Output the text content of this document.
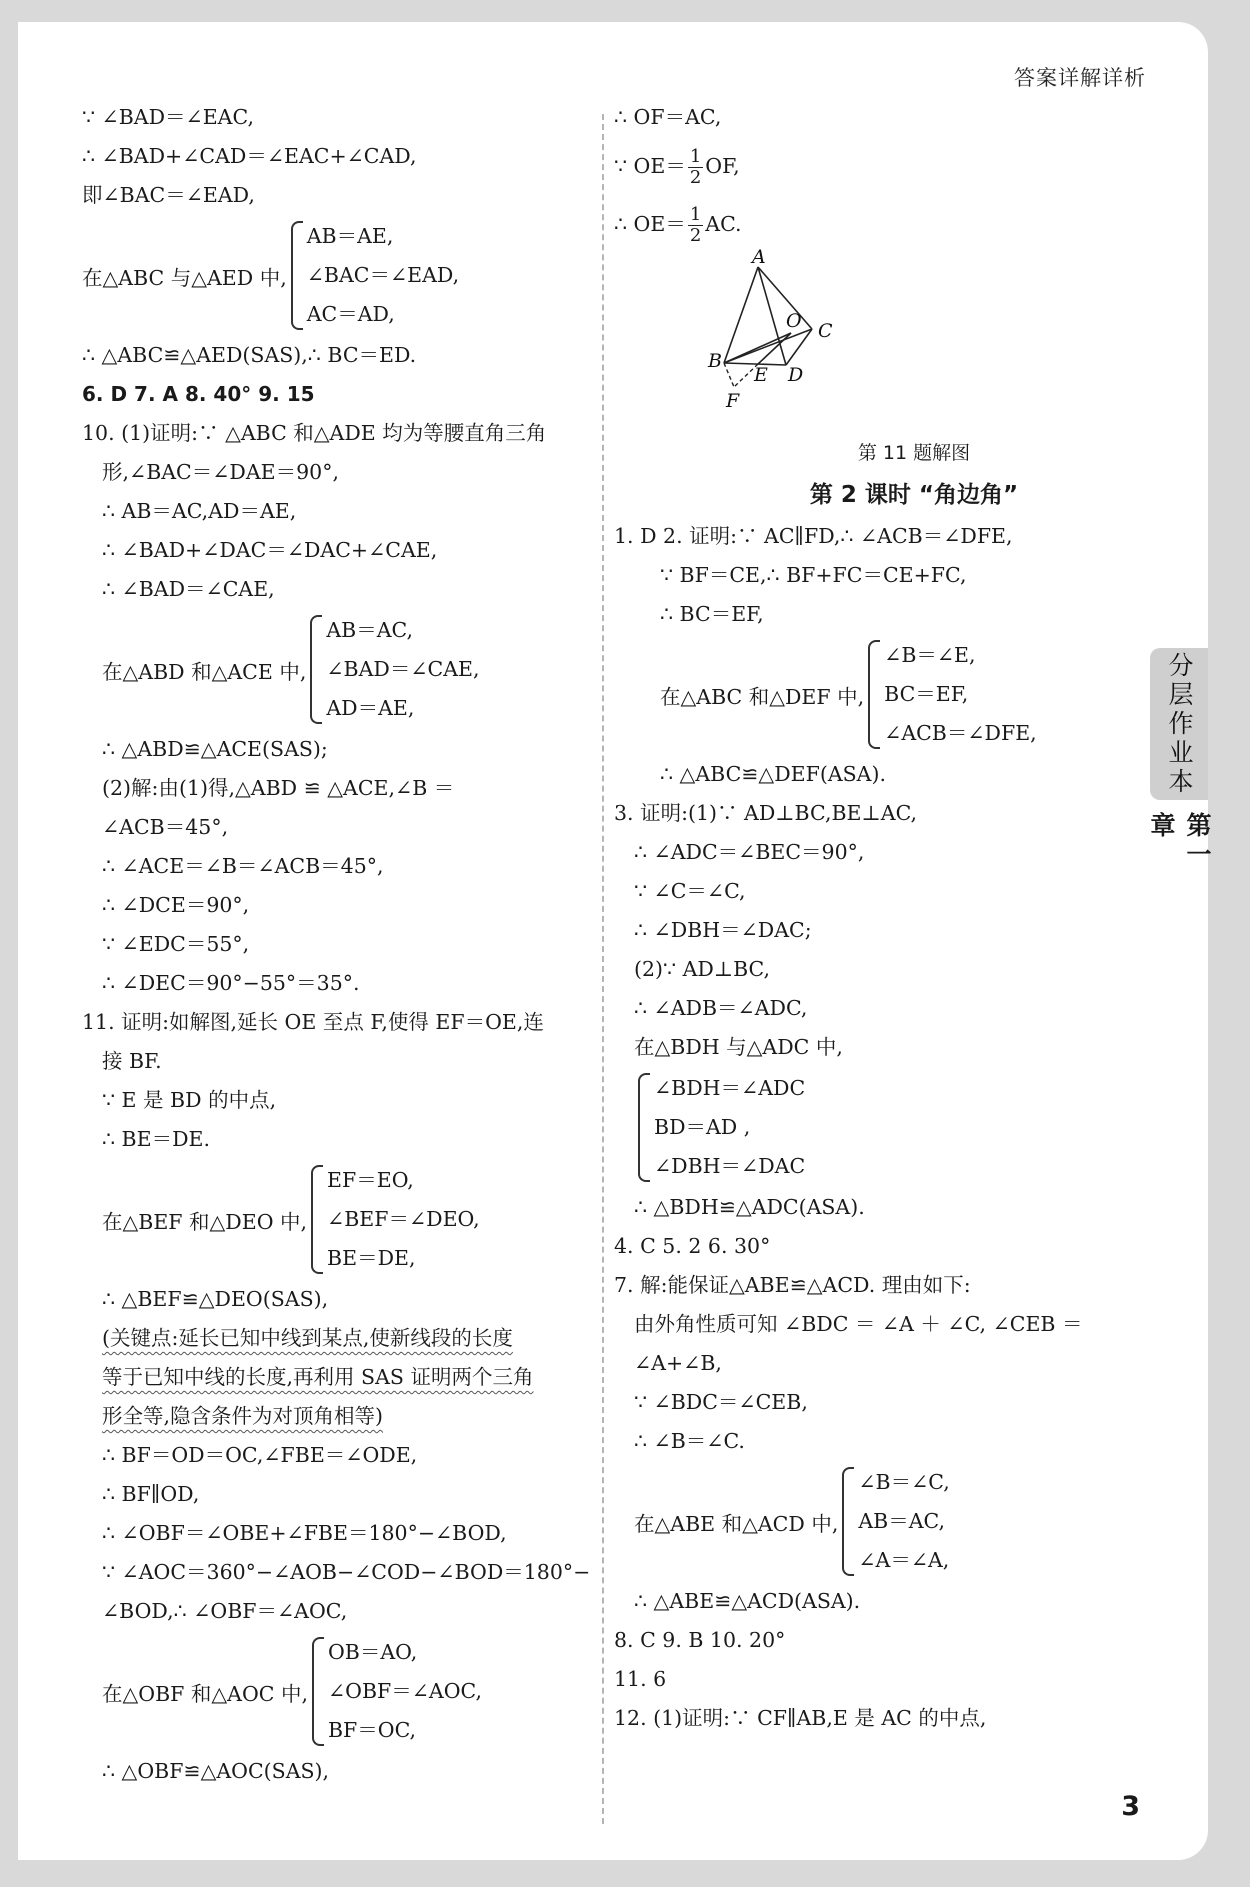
答案详解详析
∵ ∠BAD＝∠EAC,
∴ ∠BAD+∠CAD＝∠EAC+∠CAD,
即∠BAC＝∠EAD,
在△ABC 与△AED 中,
AB＝AE,
∠BAC＝∠EAD,
AC＝AD,
∴ △ABC≌△AED(SAS),∴ BC＝ED.
6. D 7. A 8. 40° 9. 15
10. (1)证明:∵ △ABC 和△ADE 均为等腰直角三角
形,∠BAC＝∠DAE＝90°,
∴ AB＝AC,AD＝AE,
∴ ∠BAD+∠DAC＝∠DAC+∠CAE,
∴ ∠BAD＝∠CAE,
在△ABD 和△ACE 中,
AB＝AC,
∠BAD＝∠CAE,
AD＝AE,
∴ △ABD≌△ACE(SAS);
(2)解:由(1)得,△ABD ≌ △ACE,∠B ＝
∠ACB＝45°,
∴ ∠ACE＝∠B＝∠ACB＝45°,
∴ ∠DCE＝90°,
∵ ∠EDC＝55°,
∴ ∠DEC＝90°−55°＝35°.
11. 证明:如解图,延长 OE 至点 F,使得 EF＝OE,连
接 BF.
∵ E 是 BD 的中点,
∴ BE＝DE.
在△BEF 和△DEO 中,
EF＝EO,
∠BEF＝∠DEO,
BE＝DE,
∴ △BEF≌△DEO(SAS),
(关键点:延长已知中线到某点,使新线段的长度
等于已知中线的长度,再利用 SAS 证明两个三角
形全等,隐含条件为对顶角相等)
∴ BF＝OD＝OC,∠FBE＝∠ODE,
∴ BF∥OD,
∴ ∠OBF＝∠OBE+∠FBE＝180°−∠BOD,
∵ ∠AOC＝360°−∠AOB−∠COD−∠BOD＝180°−
∠BOD,∴ ∠OBF＝∠AOC,
在△OBF 和△AOC 中,
OB＝AO,
∠OBF＝∠AOC,
BF＝OC,
∴ △OBF≌△AOC(SAS),
∴ OF＝AC,
∵ $OE= \frac{1}{2}$ OF,
∴ $OE= \frac{1}{2}$ AC.
A
O C
B
E D
F
第 11 题解图
第 2 课时 “角边角”
1. D 2. 证明:∵ AC∥FD,∴ ∠ACB＝∠DFE,
∵ BF＝CE,∴ BF+FC＝CE+FC,
∴ BC＝EF,
在△ABC 和△DEF 中,
∠B＝∠E,
BC＝EF,
∠ACB＝∠DFE,
∴ △ABC≌△DEF(ASA).
3. 证明:(1)∵ AD⊥BC,BE⊥AC,
∴ ∠ADC＝∠BEC＝90°,
∵ ∠C＝∠C,
∴ ∠DBH＝∠DAC;
(2)∵ AD⊥BC,
∴ ∠ADB＝∠ADC,
在△BDH 与△ADC 中,
∠BDH＝∠ADC
BD＝AD ,
∠DBH＝∠DAC
∴ △BDH≌△ADC(ASA).
4. C 5. 2 6. 30°
7. 解:能保证△ABE≌△ACD. 理由如下:
由外角性质可知 ∠BDC ＝ ∠A ＋ ∠C, ∠CEB ＝
∠A+∠B,
∵ ∠BDC＝∠CEB,
∴ ∠B＝∠C.
在△ABE 和△ACD 中,
∠B＝∠C,
AB＝AC,
∠A＝∠A,
∴ △ABE≌△ACD(ASA).
8. C 9. B 10. 20°
11. 6
12. (1)证明:∵ CF∥AB,E 是 AC 的中点,
分层作业本
第一章
3
